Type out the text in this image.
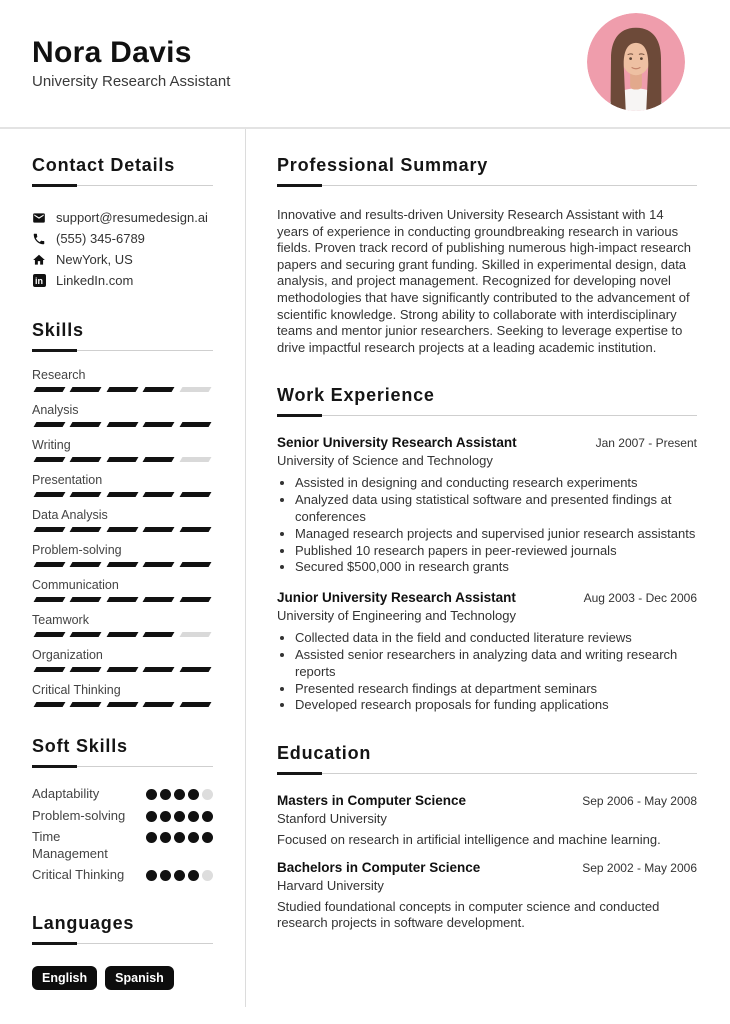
Nora Davis
University Research Assistant
Contact Details
support@resumedesign.ai
(555) 345-6789
NewYork, US
in LinkedIn.com
Skills
Research
Analysis
Writing
Presentation
Data Analysis
Problem-solving
Communication
Teamwork
Organization
Critical Thinking
Soft Skills
Adaptability
Problem-solving
Time Management
Critical Thinking
Languages
English	Spanish
Professional Summary

Innovative and results-driven University Research Assistant with 14 years of experience in conducting groundbreaking research in various fields. Proven track record of publishing numerous high-impact research papers and securing grant funding. Skilled in experimental design, data analysis, and project management. Recognized for developing novel methodologies that have significantly contributed to the advancement of scientific knowledge. Strong ability to collaborate with interdisciplinary teams and mentor junior researchers. Seeking to leverage expertise to drive impactful research projects at a leading academic institution.

Work Experience
Senior University Research Assistant	Jan 2007 - Present
University of Science and Technology
• Assisted in designing and conducting research experiments
• Analyzed data using statistical software and presented findings at conferences
• Managed research projects and supervised junior research assistants
• Published 10 research papers in peer-reviewed journals
• Secured $500,000 in research grants
Junior University Research Assistant	Aug 2003 - Dec 2006
University of Engineering and Technology
• Collected data in the field and conducted literature reviews
• Assisted senior researchers in analyzing data and writing research reports
• Presented research findings at department seminars
• Developed research proposals for funding applications
Education
Masters in Computer Science	Sep 2006 - May 2008
Stanford University
Focused on research in artificial intelligence and machine learning.
Bachelors in Computer Science	Sep 2002 - May 2006
Harvard University
Studied foundational concepts in computer science and conducted research projects in software development.
